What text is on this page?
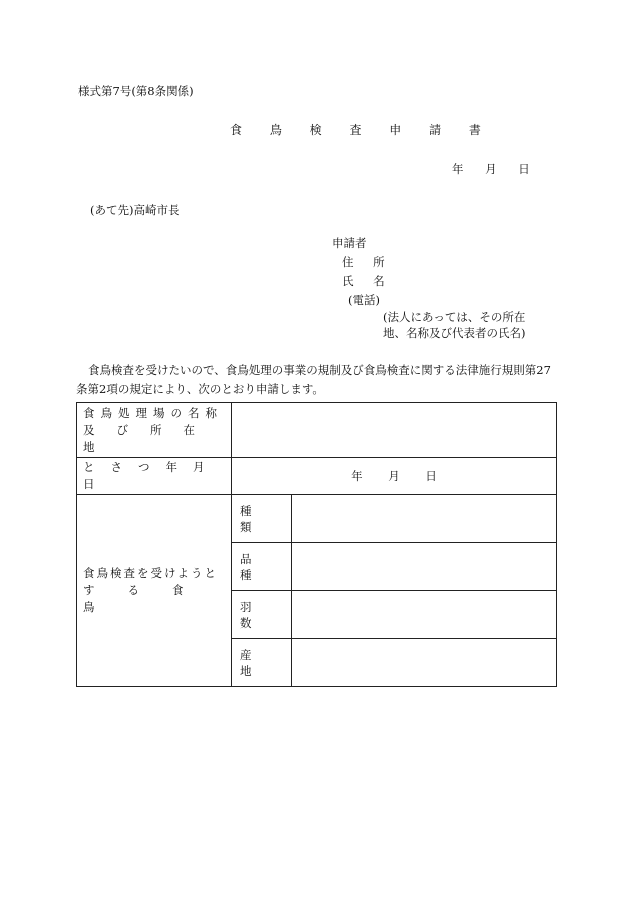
様式第7号(第8条関係)
食 鳥 検 査 申 請 書
年 月 日
(あて先)高崎市長
申請者
住 所
氏 名
(電話)
(法人にあっては、その所在
地、名称及び代表者の氏名)
食鳥検査を受けたいので、食鳥処理の事業の規制及び食鳥検査に関する法律施行規則第27条第2項の規定により、次のとおり申請します。
食鳥処理場の名称
及び所在地		

とさつ年月日	年 月 日	

食鳥検査を受けようと
する食鳥	種類	

品種	

羽数	

産地	
